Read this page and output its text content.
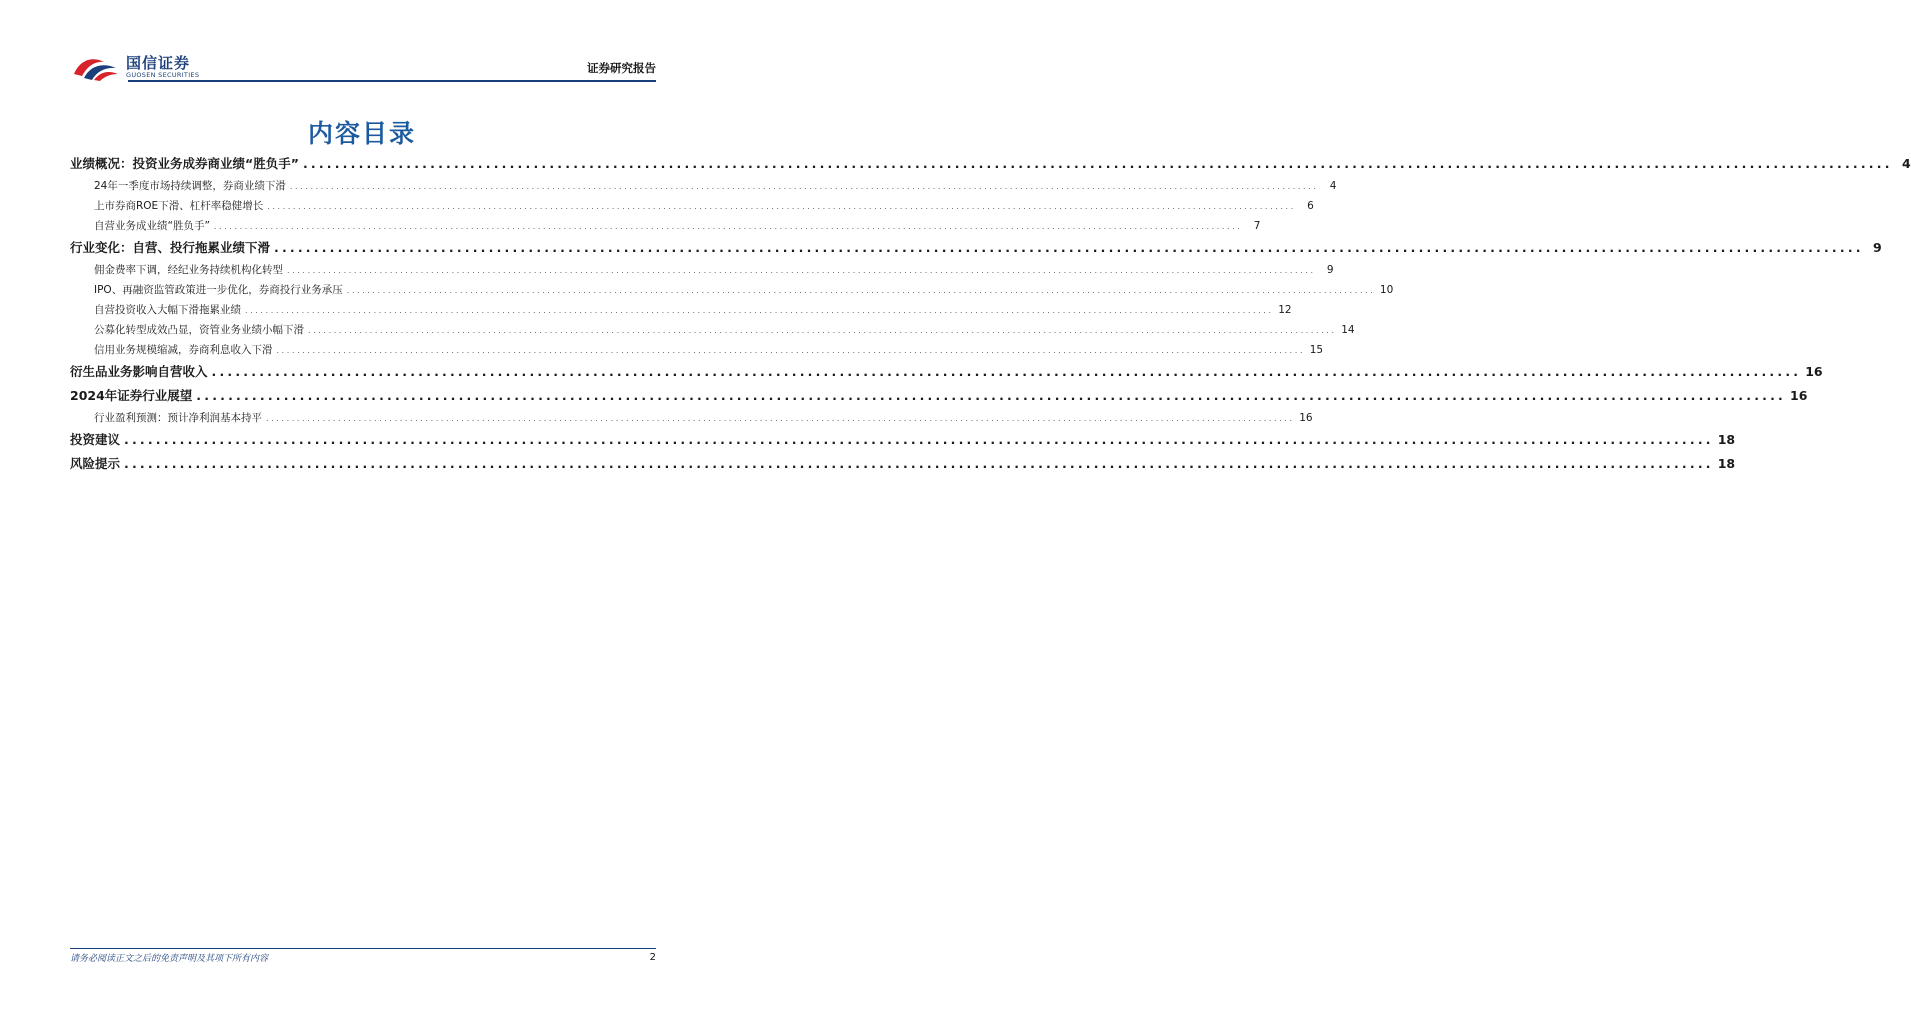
国信证券
GUOSEN SECURITIES	证券研究报告
内容目录
业绩概况：投资业务成券商业绩“胜负手” ........................................................................................................................................................................................................ 4
24年一季度市场持续调整，券商业绩下滑 ........................................................................................................................................................................................................	4
上市券商ROE下滑、杠杆率稳健增长 ........................................................................................................................................................................................................	6
自营业务成业绩“胜负手” ........................................................................................................................................................................................................	7
行业变化：自营、投行拖累业绩下滑 ........................................................................................................................................................................................................ 9
佣金费率下调，经纪业务持续机构化转型 ........................................................................................................................................................................................................	9
IPO、再融资监管政策进一步优化，券商投行业务承压 ........................................................................................................................................................................................................ 10
自营投资收入大幅下滑拖累业绩 ........................................................................................................................................................................................................ 12
公募化转型成效凸显，资管业务业绩小幅下滑 ........................................................................................................................................................................................................ 14
信用业务规模缩减，券商利息收入下滑 ........................................................................................................................................................................................................ 15
衍生品业务影响自营收入 ........................................................................................................................................................................................................ 16
2024年证券行业展望 ........................................................................................................................................................................................................ 16
行业盈利预测：预计净利润基本持平 ........................................................................................................................................................................................................ 16
投资建议 ........................................................................................................................................................................................................ 18
风险提示 ........................................................................................................................................................................................................ 18
请务必阅读正文之后的免责声明及其项下所有内容	2
